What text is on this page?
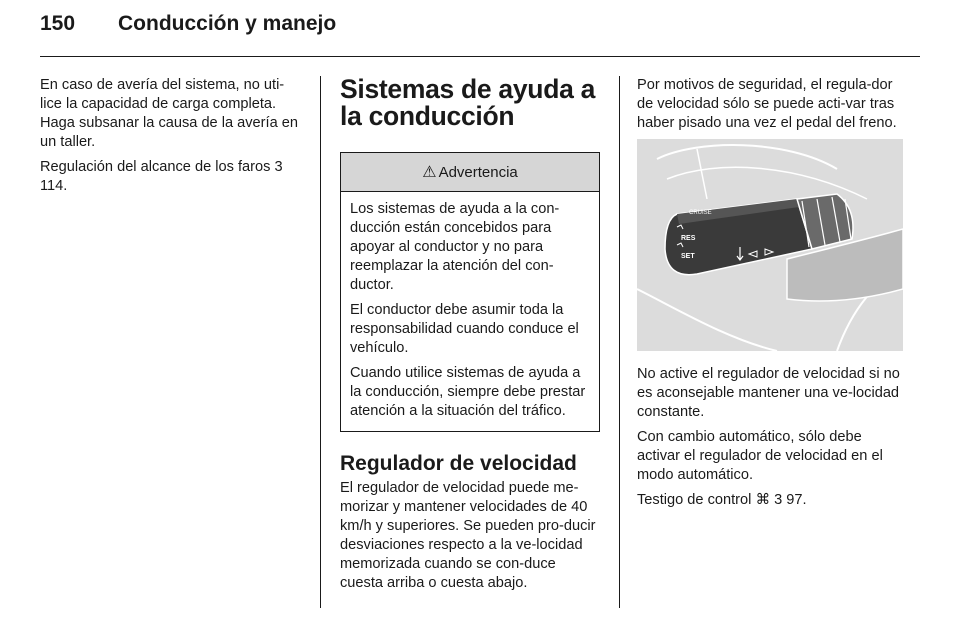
150 Conducción y manejo

En caso de avería del sistema, no uti-lice la capacidad de carga completa. Haga subsanar la causa de la avería en un taller.

Regulación del alcance de los faros 3 114.

Sistemas de ayuda a la conducción
⚠ Advertencia

Los sistemas de ayuda a la con-ducción están concebidos para apoyar al conductor y no para reemplazar la atención del con-ductor.

El conductor debe asumir toda la responsabilidad cuando conduce el vehículo.

Cuando utilice sistemas de ayuda a la conducción, siempre debe prestar atención a la situación del tráfico.

Regulador de velocidad

El regulador de velocidad puede me-morizar y mantener velocidades de 40 km/h y superiores. Se pueden pro-ducir desviaciones respecto a la ve-locidad memorizada cuando se con-duce cuesta arriba o cuesta abajo.

Por motivos de seguridad, el regula-dor de velocidad sólo se puede acti-var tras haber pisado una vez el pedal del freno.

CRUISE
RES
SET

No active el regulador de velocidad si no es aconsejable mantener una ve-locidad constante.

Con cambio automático, sólo debe activar el regulador de velocidad en el modo automático.

Testigo de control ⌘ 3 97.
